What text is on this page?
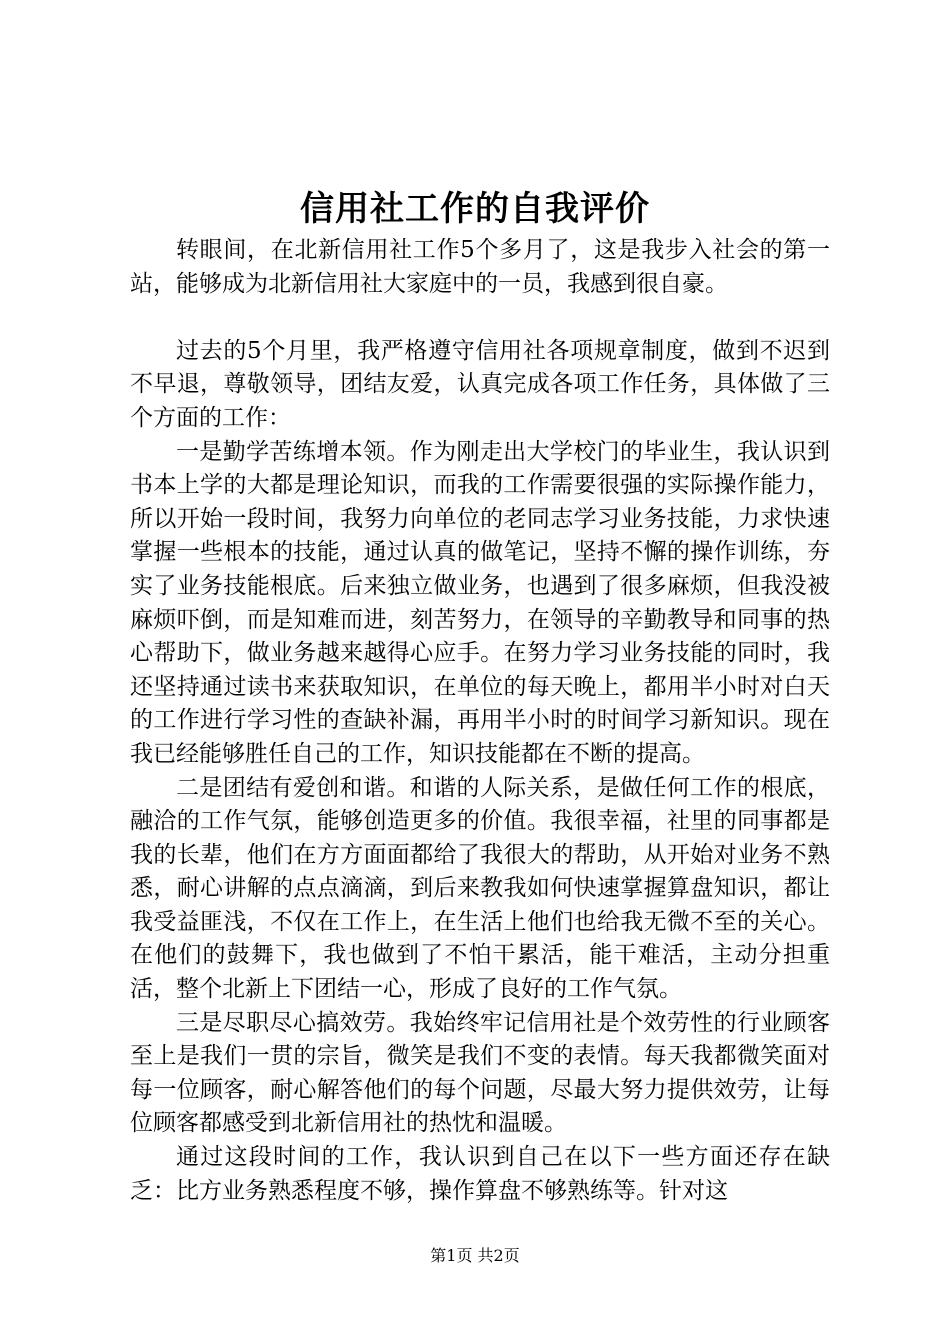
信用社工作的自我评价

转眼间，在北新信用社工作5个多月了，这是我步入社会的第一站，能够成为北新信用社大家庭中的一员，我感到很自豪。

过去的5个月里，我严格遵守信用社各项规章制度，做到不迟到不早退，尊敬领导，团结友爱，认真完成各项工作任务，具体做了三个方面的工作：

一是勤学苦练增本领。作为刚走出大学校门的毕业生，我认识到书本上学的大都是理论知识，而我的工作需要很强的实际操作能力，所以开始一段时间，我努力向单位的老同志学习业务技能，力求快速掌握一些根本的技能，通过认真的做笔记，坚持不懈的操作训练，夯实了业务技能根底。后来独立做业务，也遇到了很多麻烦，但我没被麻烦吓倒，而是知难而进，刻苦努力，在领导的辛勤教导和同事的热心帮助下，做业务越来越得心应手。在努力学习业务技能的同时，我还坚持通过读书来获取知识，在单位的每天晚上，都用半小时对白天的工作进行学习性的查缺补漏，再用半小时的时间学习新知识。现在我已经能够胜任自己的工作，知识技能都在不断的提高。

二是团结有爱创和谐。和谐的人际关系，是做任何工作的根底，融洽的工作气氛，能够创造更多的价值。我很幸福，社里的同事都是我的长辈，他们在方方面面都给了我很大的帮助，从开始对业务不熟悉，耐心讲解的点点滴滴，到后来教我如何快速掌握算盘知识，都让我受益匪浅，不仅在工作上，在生活上他们也给我无微不至的关心。在他们的鼓舞下，我也做到了不怕干累活，能干难活，主动分担重活，整个北新上下团结一心，形成了良好的工作气氛。

三是尽职尽心搞效劳。我始终牢记信用社是个效劳性的行业顾客至上是我们一贯的宗旨，微笑是我们不变的表情。每天我都微笑面对每一位顾客，耐心解答他们的每个问题，尽最大努力提供效劳，让每位顾客都感受到北新信用社的热忱和温暖。

通过这段时间的工作，我认识到自己在以下一些方面还存在缺乏：比方业务熟悉程度不够，操作算盘不够熟练等。针对这

第1页 共2页
